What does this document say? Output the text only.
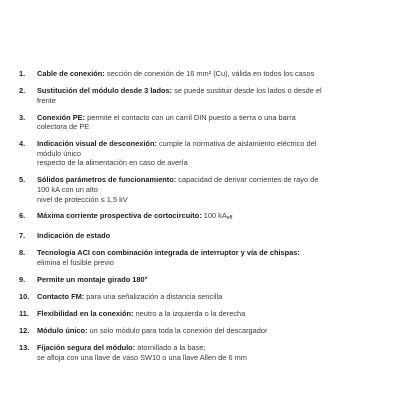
1.	Cable de conexión: sección de conexión de 16 mm² (Cu), válida en todos los casos
2.	Sustitución del módulo desde 3 lados: se puede sustituir desde los lados o desde el
frente
3.	Conexión PE: permite el contacto con un carril DIN puesto a tierra o una barra
colectora de PE
4.	Indicación visual de desconexión: cumple la normativa de aislamiento eléctrico del
módulo único
respecto de la alimentación en caso de avería
5.	Sólidos parámetros de funcionamiento: capacidad de derivar corrientes de rayo de
100 kA con un alto
nivel de protección ≤ 1,5 kV
6.	Máxima corriente prospectiva de cortocircuito: 100 $kA_{eff}$
7.	Indicación de estado
8.	Tecnología ACI con combinación integrada de interruptor y vía de chispas:
elimina el fusible previo
9.	Permite un montaje girado 180°
10.	Contacto FM: para una señalización a distancia sencilla
11.	Flexibilidad en la conexión: neutro a la izquierda o la derecha
12.	Módulo único: un solo módulo para toda la conexión del descargador
13.	Fijación segura del módulo: atornillado a la base;
se afloja con una llave de vaso SW10 o una llave Allen de 6 mm
